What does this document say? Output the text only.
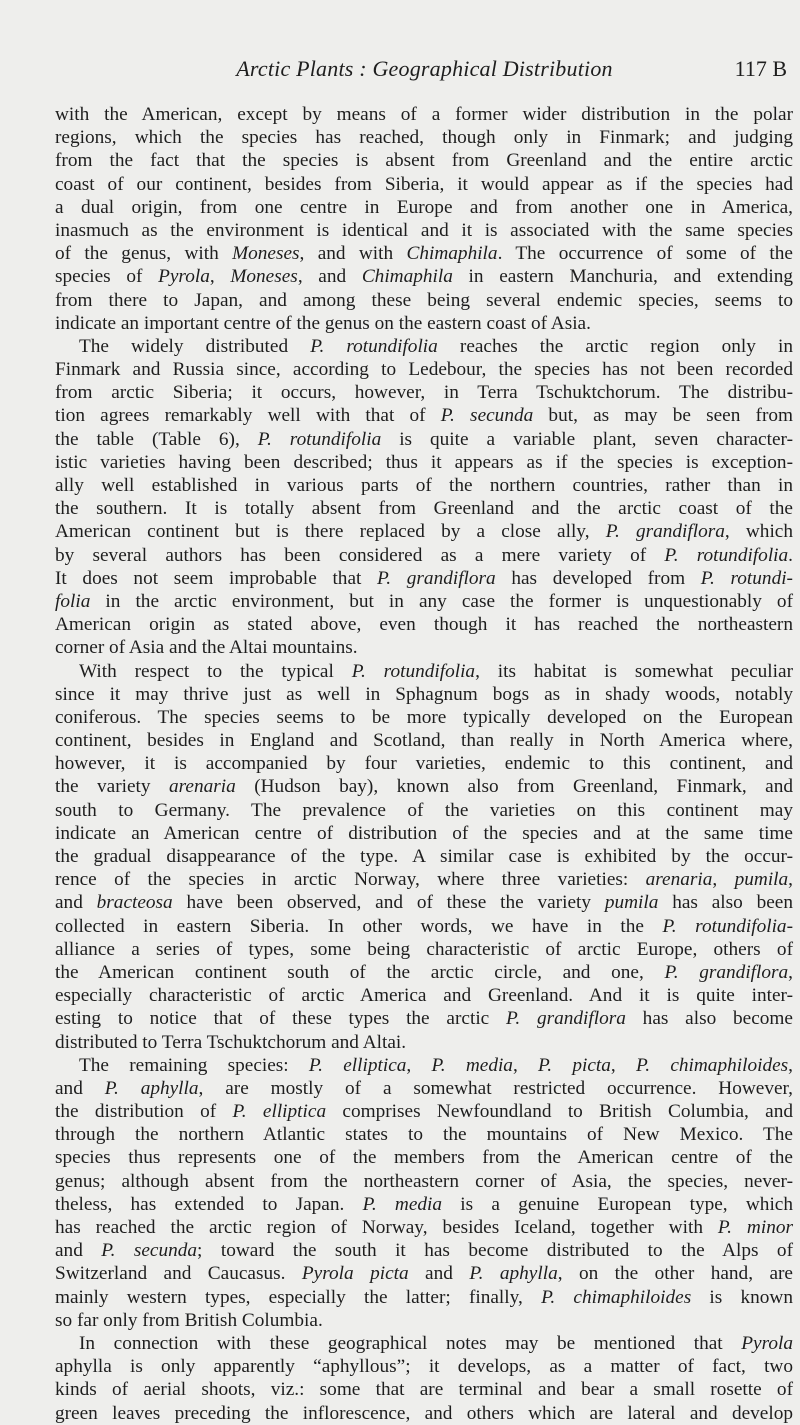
Arctic Plants : Geographical Distribution	117 B
with the American, except by means of a former wider distribution in the polar
regions, which the species has reached, though only in Finmark; and judging
from the fact that the species is absent from Greenland and the entire arctic
coast of our continent, besides from Siberia, it would appear as if the species had
a dual origin, from one centre in Europe and from another one in America,
inasmuch as the environment is identical and it is associated with the same species
of the genus, with Moneses, and with Chimaphila. The occurrence of some of the
species of Pyrola, Moneses, and Chimaphila in eastern Manchuria, and extending
from there to Japan, and among these being several endemic species, seems to
indicate an important centre of the genus on the eastern coast of Asia.
The widely distributed P. rotundifolia reaches the arctic region only in
Finmark and Russia since, according to Ledebour, the species has not been recorded
from arctic Siberia; it occurs, however, in Terra Tschuktchorum. The distribu-
tion agrees remarkably well with that of P. secunda but, as may be seen from
the table (Table 6), P. rotundifolia is quite a variable plant, seven character-
istic varieties having been described; thus it appears as if the species is exception-
ally well established in various parts of the northern countries, rather than in
the southern. It is totally absent from Greenland and the arctic coast of the
American continent but is there replaced by a close ally, P. grandiflora, which
by several authors has been considered as a mere variety of P. rotundifolia.
It does not seem improbable that P. grandiflora has developed from P. rotundi-
folia in the arctic environment, but in any case the former is unquestionably of
American origin as stated above, even though it has reached the northeastern
corner of Asia and the Altai mountains.
With respect to the typical P. rotundifolia, its habitat is somewhat peculiar
since it may thrive just as well in Sphagnum bogs as in shady woods, notably
coniferous. The species seems to be more typically developed on the European
continent, besides in England and Scotland, than really in North America where,
however, it is accompanied by four varieties, endemic to this continent, and
the variety arenaria (Hudson bay), known also from Greenland, Finmark, and
south to Germany. The prevalence of the varieties on this continent may
indicate an American centre of distribution of the species and at the same time
the gradual disappearance of the type. A similar case is exhibited by the occur-
rence of the species in arctic Norway, where three varieties: arenaria, pumila,
and bracteosa have been observed, and of these the variety pumila has also been
collected in eastern Siberia. In other words, we have in the P. rotundifolia-
alliance a series of types, some being characteristic of arctic Europe, others of
the American continent south of the arctic circle, and one, P. grandiflora,
especially characteristic of arctic America and Greenland. And it is quite inter-
esting to notice that of these types the arctic P. grandiflora has also become
distributed to Terra Tschuktchorum and Altai.
The remaining species: P. elliptica, P. media, P. picta, P. chimaphiloides,
and P. aphylla, are mostly of a somewhat restricted occurrence. However,
the distribution of P. elliptica comprises Newfoundland to British Columbia, and
through the northern Atlantic states to the mountains of New Mexico. The
species thus represents one of the members from the American centre of the
genus; although absent from the northeastern corner of Asia, the species, never-
theless, has extended to Japan. P. media is a genuine European type, which
has reached the arctic region of Norway, besides Iceland, together with P. minor
and P. secunda; toward the south it has become distributed to the Alps of
Switzerland and Caucasus. Pyrola picta and P. aphylla, on the other hand, are
mainly western types, especially the latter; finally, P. chimaphiloides is known
so far only from British Columbia.
In connection with these geographical notes may be mentioned that Pyrola
aphylla is only apparently “aphyllous”; it develops, as a matter of fact, two
kinds of aerial shoots, viz.: some that are terminal and bear a small rosette of
green leaves preceding the inflorescence, and others which are lateral and develop
